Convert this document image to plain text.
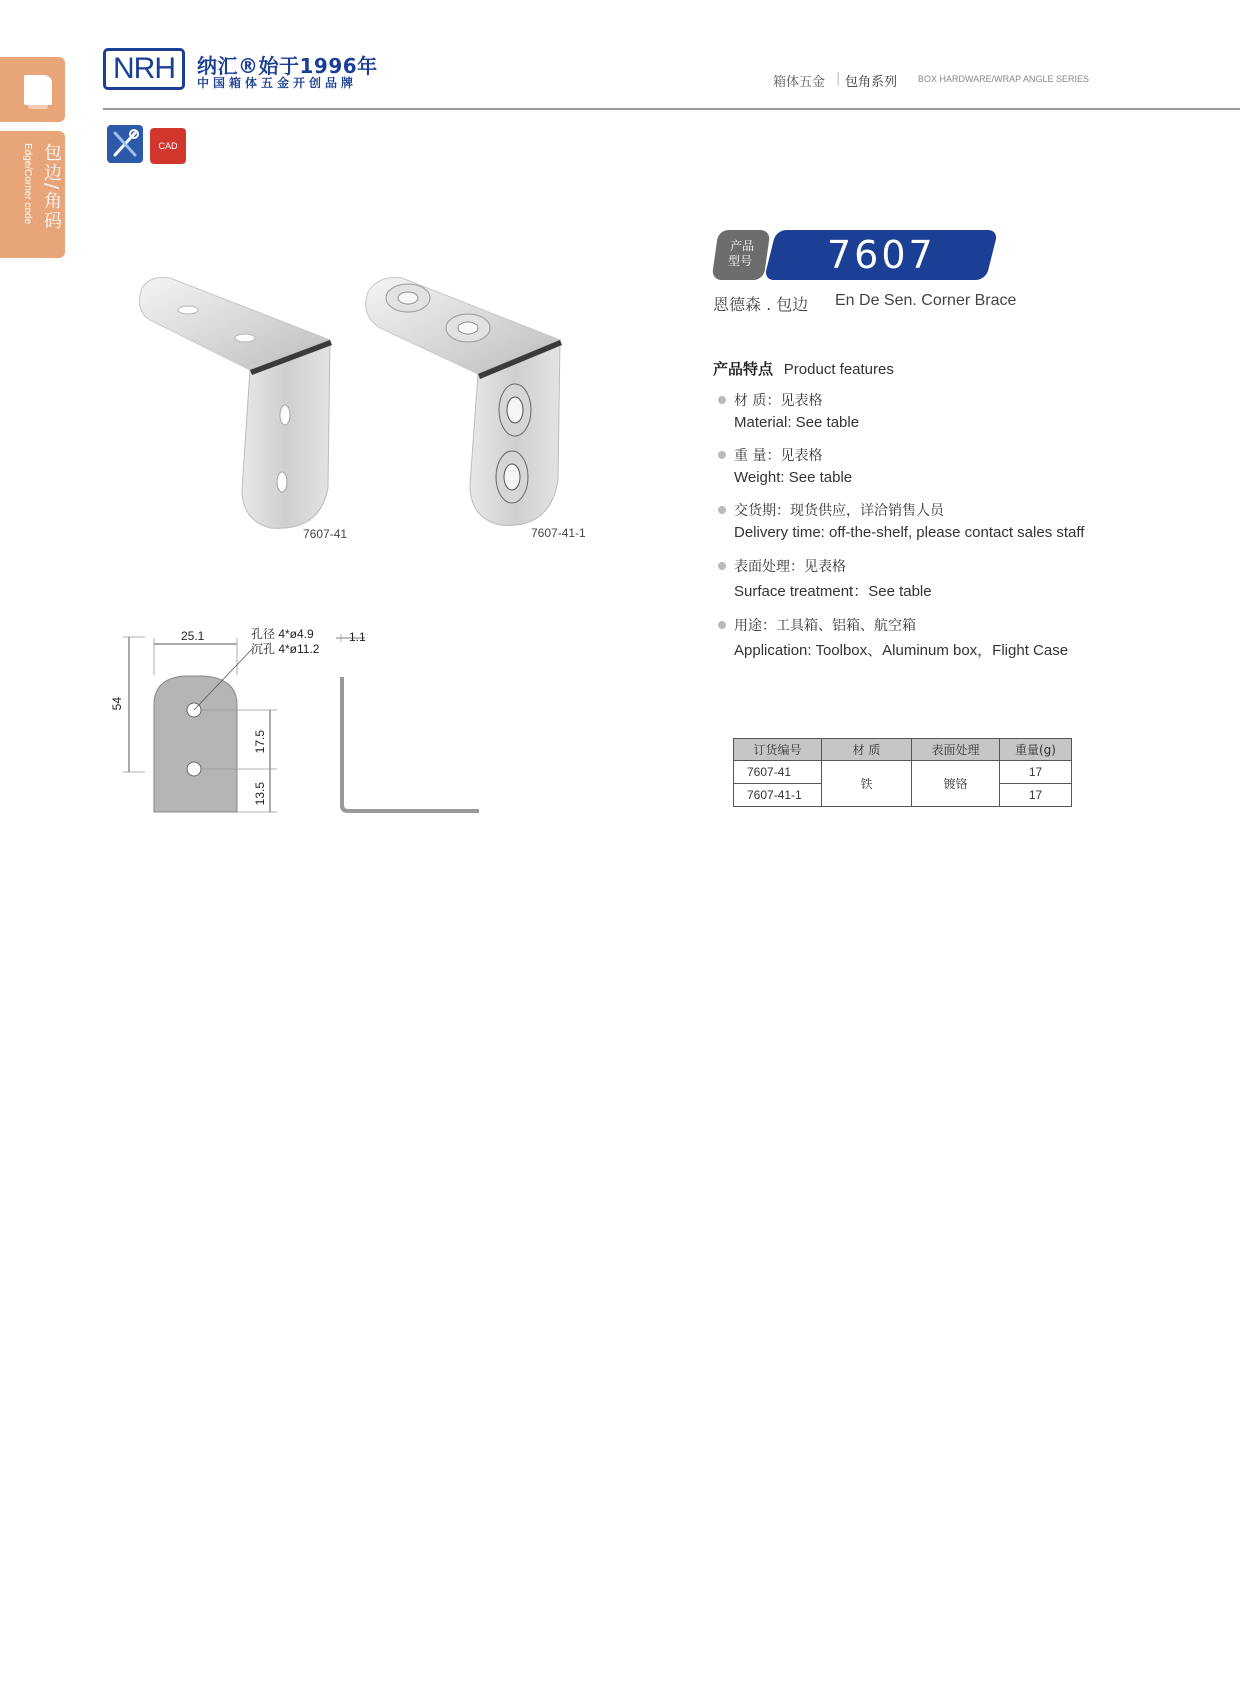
包边/角码
Edge/Corner code
NRH 纳汇®始于1996年
中国箱体五金开创品牌	箱体五金 | 包角系列 BOX HARDWARE/WRAP ANGLE SERIES
CAD
7607-41	7607-41-1
25.1
54
孔径 4*ø4.9
沉孔 4*ø11.2
1.1
17.5
13.5
产品
型号	7607
恩德森 . 包边 En De Sen. Corner Brace
产品特点 Product features
材 质：见表格
Material: See table
重 量：见表格
Weight: See table
交货期：现货供应，详洽销售人员
Delivery time: off-the-shelf, please contact sales staff
表面处理：见表格
Surface treatment：See table
用途：工具箱、铝箱、航空箱
Application: Toolbox、Aluminum box，Flight Case
订货编号	材 质	表面处理	重量(g)
7607-41	铁	镀铬	17
7607-41-1			17
